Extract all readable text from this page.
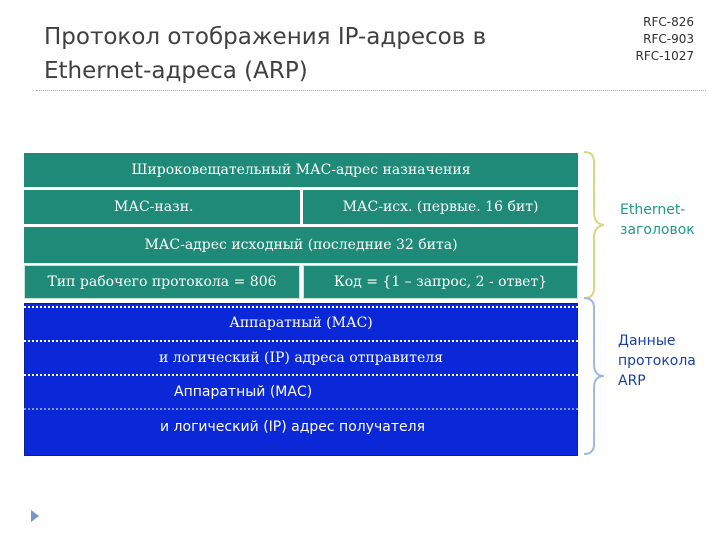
Протокол отображения IP-адресов в
Ethernet-адреса (ARP)
RFC-826
RFC-903
RFC-1027
Широковещательный МАС-адрес назначения
МАС-назн.	МАС-исх. (первые. 16 бит)
МАС-адрес исходный (последние 32 бита)
Тип рабочего протокола = 806	Код = {1 – запрос, 2 - ответ}
Аппаратный (МАС)
и логический (IP) адреса отправителя
Аппаратный (МАС)
и логический (IP) адрес получателя
Ethernet-
заголовок
Данные
протокола
ARP
